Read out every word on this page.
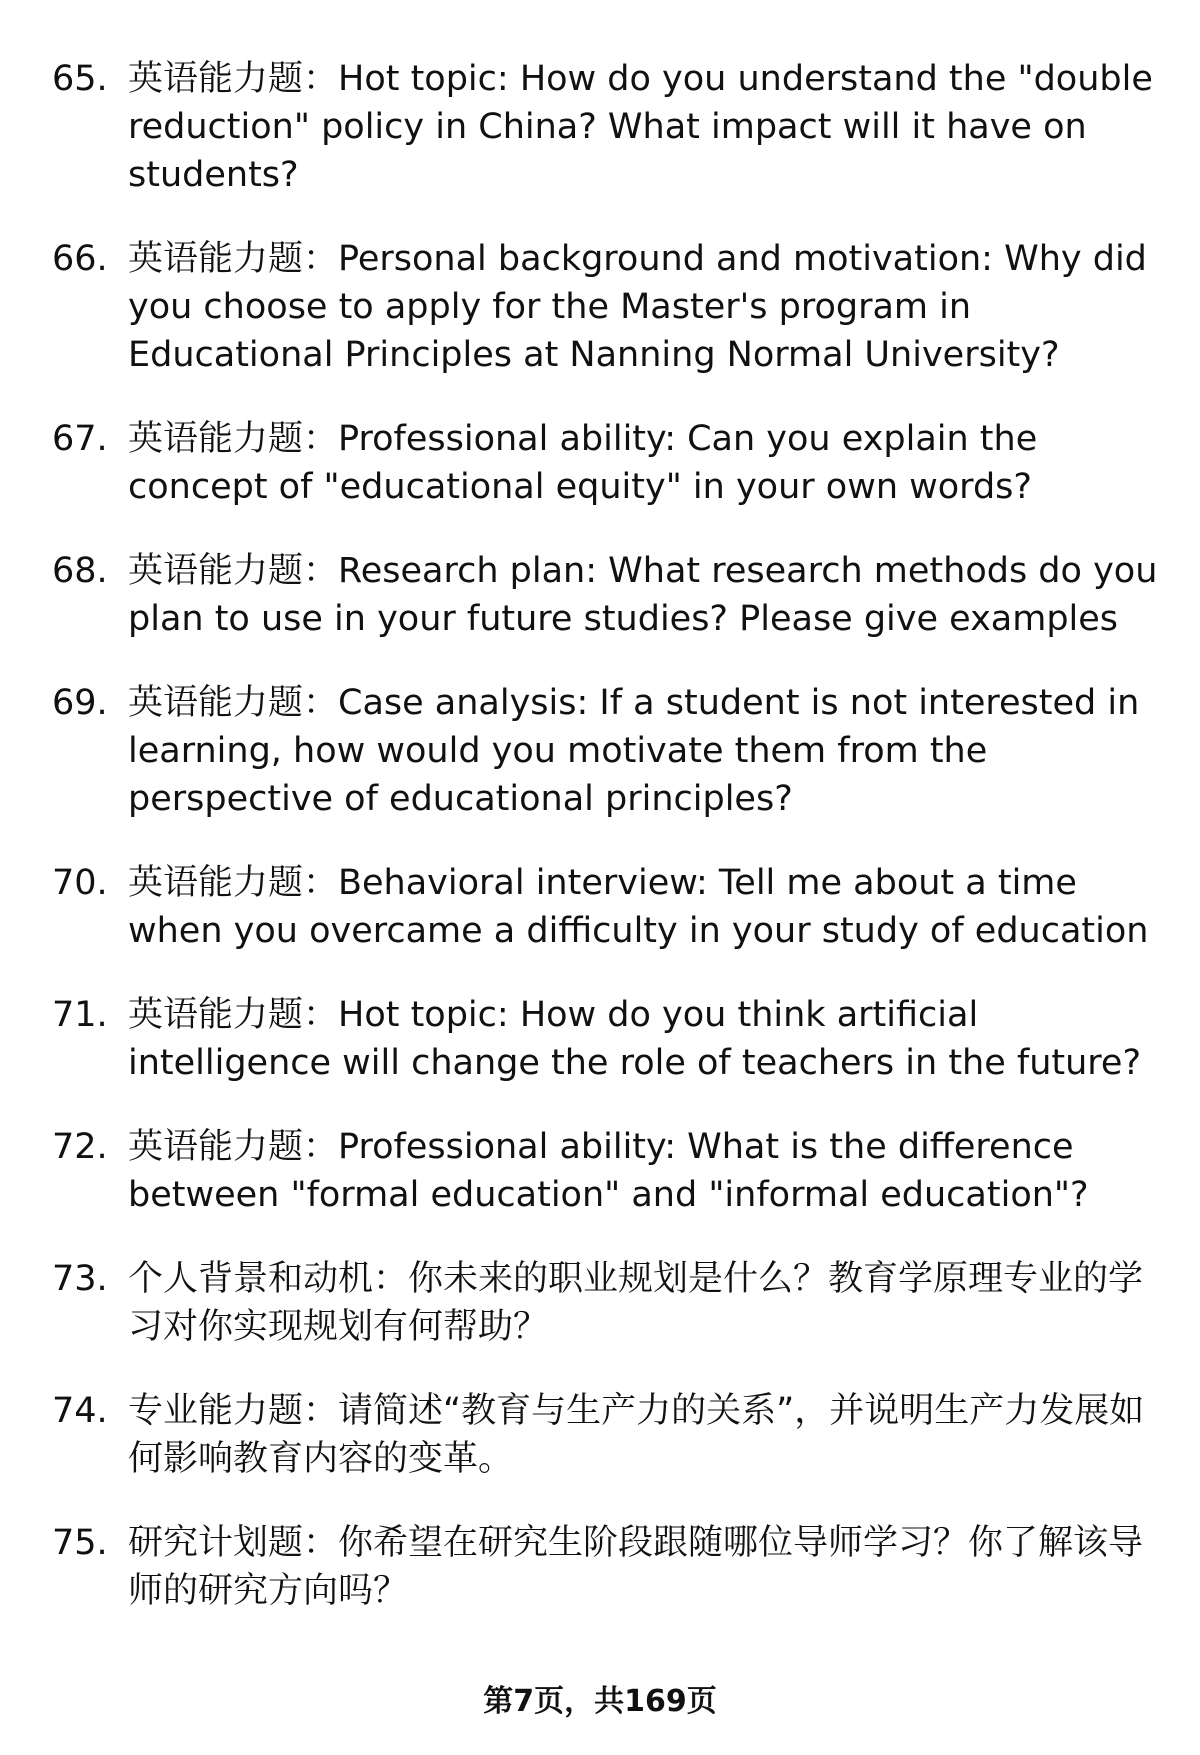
65. 英语能力题：Hot topic: How do you understand the "double reduction" policy in China? What impact will it have on students?
66. 英语能力题：Personal background and motivation: Why did you choose to apply for the Master's program in Educational Principles at Nanning Normal University?
67. 英语能力题：Professional ability: Can you explain the concept of "educational equity" in your own words?
68. 英语能力题：Research plan: What research methods do you plan to use in your future studies? Please give examples
69. 英语能力题：Case analysis: If a student is not interested in learning, how would you motivate them from the perspective of educational principles?
70. 英语能力题：Behavioral interview: Tell me about a time when you overcame a difficulty in your study of education
71. 英语能力题：Hot topic: How do you think artificial intelligence will change the role of teachers in the future?
72. 英语能力题：Professional ability: What is the difference between "formal education" and "informal education"?
73. 个人背景和动机：你未来的职业规划是什么？教育学原理专业的学习对你实现规划有何帮助？
74. 专业能力题：请简述“教育与生产力的关系”，并说明生产力发展如何影响教育内容的变革。
75. 研究计划题：你希望在研究生阶段跟随哪位导师学习？你了解该导师的研究方向吗？
第7页，共169页
